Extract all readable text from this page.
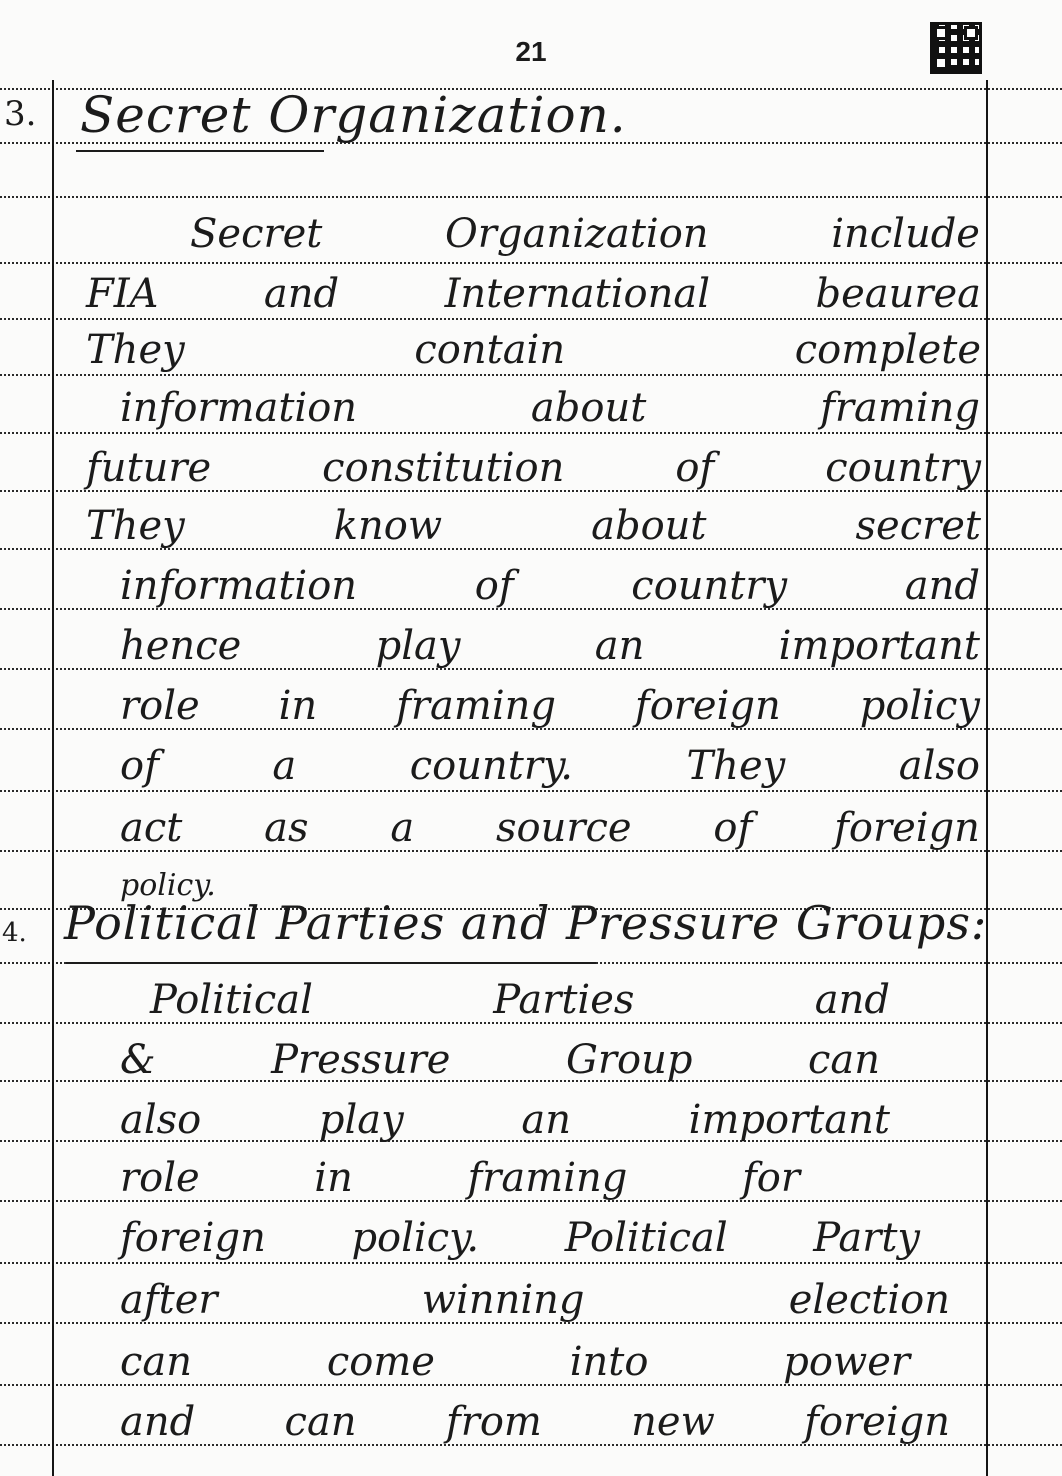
21
3. Secret Organization.
Secret	Organization	include
FIA	and	International	beaurea
They	contain	complete
information	about	framing
future	constitution	of	country
They	know	about	secret
information	of	country	and
hence	play	an	important
role in framing foreign policy
of	a	country.	They	also
act as a source of foreign
policy.
4. Political Parties and Pressure Groups:
Political	Parties	and
&	Pressure	Group	can
also	play	an	important
role	in	framing	for
foreign policy. Political Party
after	winning	election
can	come	into	power
and can from new foreign
